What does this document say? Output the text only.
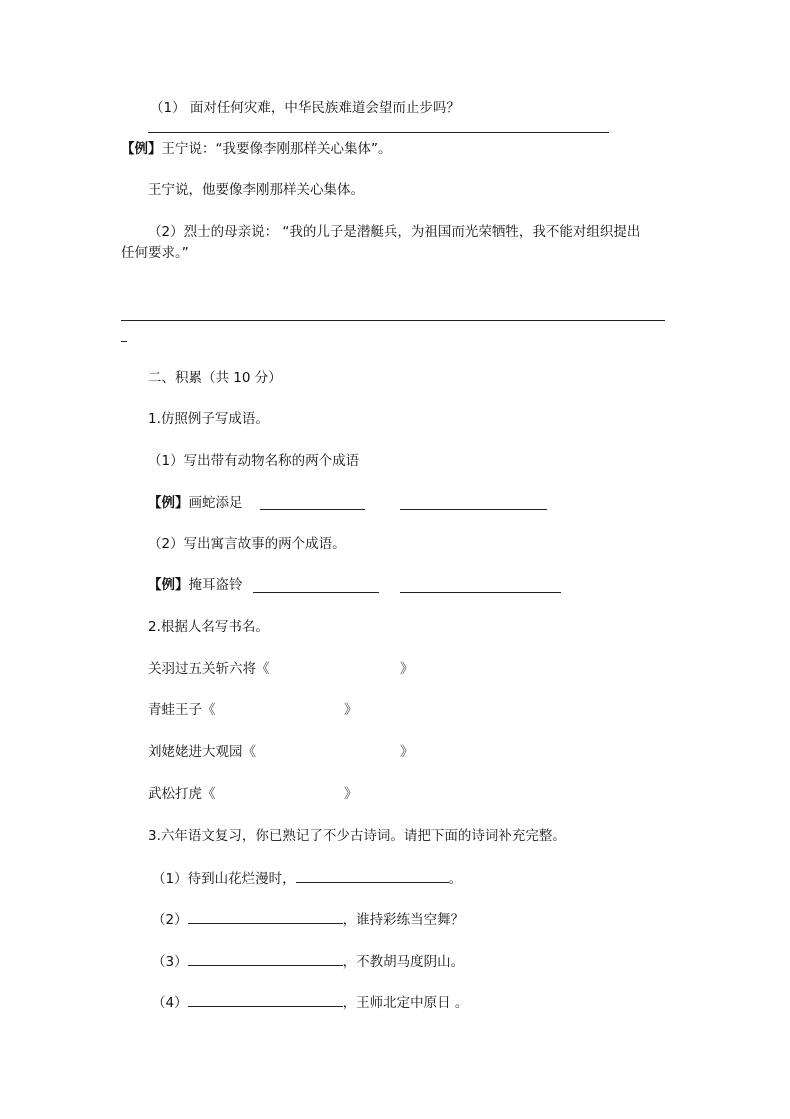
（1） 面对任何灾难，中华民族难道会望而止步吗？
【例】王宁说：“我要像李刚那样关心集体”。
王宁说，他要像李刚那样关心集体。
（2）烈士的母亲说： “我的儿子是潜艇兵，为祖国而光荣牺牲，我不能对组织提出
任何要求。”
二、积累（共 10 分）
1.仿照例子写成语。
（1）写出带有动物名称的两个成语
【例】画蛇添足
（2）写出寓言故事的两个成语。
【例】掩耳盗铃
2.根据人名写书名。
关羽过五关斩六将《	》
青蛙王子《	》
刘姥姥进大观园《	》
武松打虎《	》
3.六年语文复习，你已熟记了不少古诗词。请把下面的诗词补充完整。
（1）待到山花烂漫时，	。
（2）	，谁持彩练当空舞？
（3）	，不教胡马度阴山。
（4）	，王师北定中原日 。
